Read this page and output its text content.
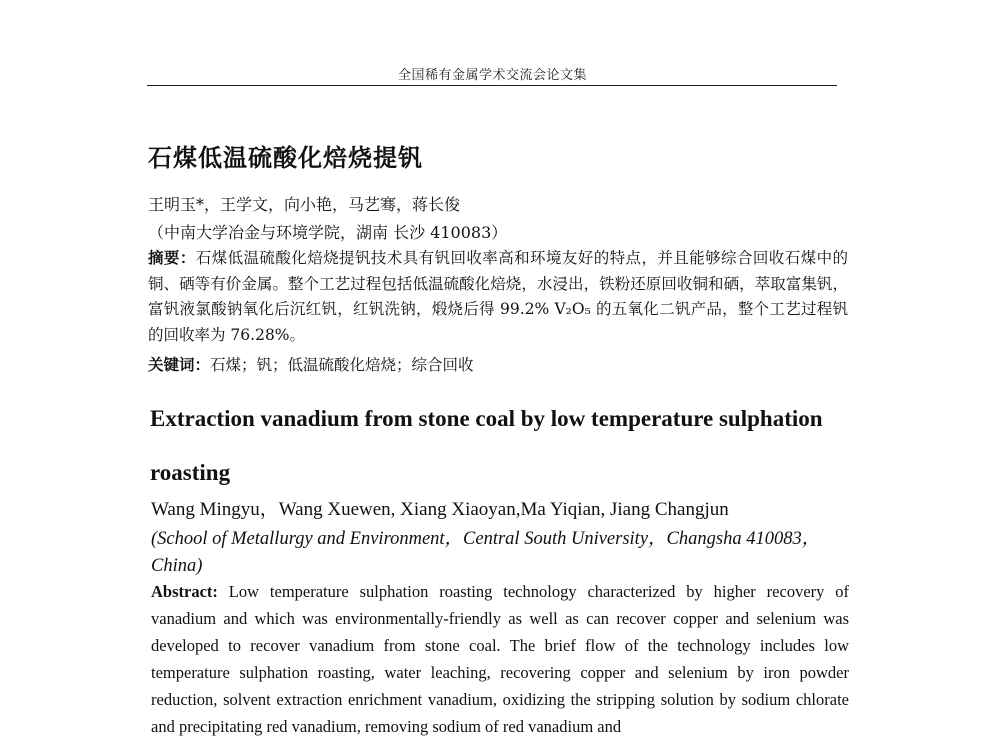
全国稀有金属学术交流会论文集
石煤低温硫酸化焙烧提钒
王明玉*，王学文，向小艳，马艺骞，蒋长俊
（中南大学冶金与环境学院，湖南 长沙 410083）

摘要：石煤低温硫酸化焙烧提钒技术具有钒回收率高和环境友好的特点，并且能够综合回收石煤中的铜、硒等有价金属。整个工艺过程包括低温硫酸化焙烧，水浸出，铁粉还原回收铜和硒，萃取富集钒，富钒液氯酸钠氧化后沉红钒，红钒洗钠，煅烧后得 99.2% V₂O₅ 的五氧化二钒产品，整个工艺过程钒的回收率为 76.28%。

关键词：石煤；钒；低温硫酸化焙烧；综合回收
Extraction vanadium from stone coal by low temperature sulphation roasting
Wang Mingyu，Wang Xuewen, Xiang Xiaoyan,Ma Yiqian, Jiang Changjun
(School of Metallurgy and Environment，Central South University，Changsha 410083，China)

Abstract: Low temperature sulphation roasting technology characterized by higher recovery of vanadium and which was environmentally-friendly as well as can recover copper and selenium was developed to recover vanadium from stone coal. The brief flow of the technology includes low temperature sulphation roasting, water leaching, recovering copper and selenium by iron powder reduction, solvent extraction enrichment vanadium, oxidizing the stripping solution by sodium chlorate and precipitating red vanadium, removing sodium of red vanadium and
